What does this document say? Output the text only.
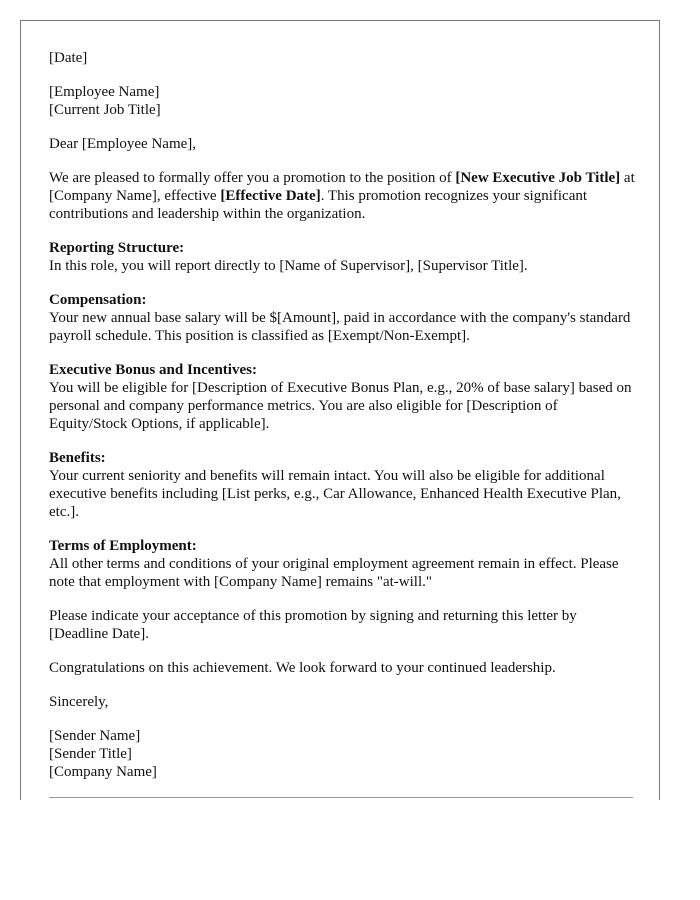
[Date]

[Employee Name]
[Current Job Title]

Dear [Employee Name],

We are pleased to formally offer you a promotion to the position of [New Executive Job Title] at [Company Name], effective [Effective Date]. This promotion recognizes your significant contributions and leadership within the organization.

Reporting Structure:
In this role, you will report directly to [Name of Supervisor], [Supervisor Title].

Compensation:
Your new annual base salary will be $[Amount], paid in accordance with the company's standard payroll schedule. This position is classified as [Exempt/Non-Exempt].

Executive Bonus and Incentives:
You will be eligible for [Description of Executive Bonus Plan, e.g., 20% of base salary] based on personal and company performance metrics. You are also eligible for [Description of Equity/Stock Options, if applicable].

Benefits:
Your current seniority and benefits will remain intact. You will also be eligible for additional executive benefits including [List perks, e.g., Car Allowance, Enhanced Health Executive Plan, etc.].

Terms of Employment:
All other terms and conditions of your original employment agreement remain in effect. Please note that employment with [Company Name] remains "at-will."

Please indicate your acceptance of this promotion by signing and returning this letter by [Deadline Date].

Congratulations on this achievement. We look forward to your continued leadership.

Sincerely,

[Sender Name]
[Sender Title]
[Company Name]
